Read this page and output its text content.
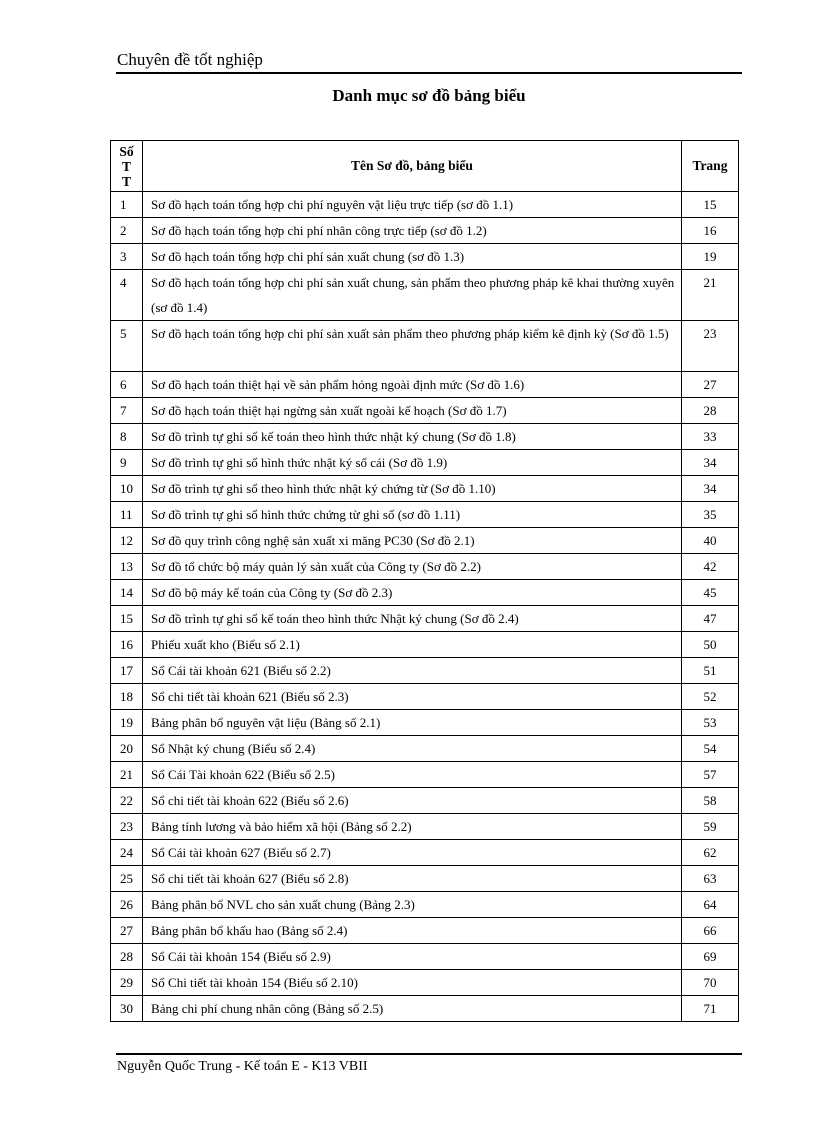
Chuyên đề tốt nghiệp
Danh mục sơ đồ bảng biểu
Số
T
T	Tên Sơ đồ, bảng biểu	Trang
1	Sơ đồ hạch toán tổng hợp chi phí nguyên vật liệu trực tiếp (sơ đồ 1.1)	15
2	Sơ đồ hạch toán tổng hợp chi phí nhân công trực tiếp (sơ đồ 1.2)	16
3	Sơ đồ hạch toán tổng hợp chi phí sản xuất chung (sơ đồ 1.3)	19
4	Sơ đồ hạch toán tổng hợp chi phí sản xuất chung, sản phẩm theo phương pháp kê khai thường xuyên (sơ đồ 1.4)	21
5	Sơ đồ hạch toán tổng hợp chi phí sản xuất sản phẩm theo phương pháp kiểm kê định kỳ (Sơ đồ 1.5)	23
6	Sơ đồ hạch toán thiệt hại về sản phẩm hỏng ngoài định mức (Sơ đồ 1.6)	27
7	Sơ đồ hạch toán thiệt hại ngừng sản xuất ngoài kế hoạch (Sơ đồ 1.7)	28
8	Sơ đồ trình tự ghi sổ kế toán theo hình thức nhật ký chung (Sơ đồ 1.8)	33
9	Sơ đồ trình tự ghi sổ hình thức nhật ký sổ cái (Sơ đồ 1.9)	34
10	Sơ đồ trình tự ghi sổ theo hình thức nhật ký chứng từ (Sơ đồ 1.10)	34
11	Sơ đồ trình tự ghi sổ hình thức chứng từ ghi sổ (sơ đồ 1.11)	35
12	Sơ đồ quy trình công nghệ sản xuất xi măng PC30 (Sơ đồ 2.1)	40
13	Sơ đồ tổ chức bộ máy quản lý sản xuất của Công ty (Sơ đồ 2.2)	42
14	Sơ đồ bộ máy kế toán của Công ty (Sơ đồ 2.3)	45
15	Sơ đồ trình tự ghi sổ kế toán theo hình thức Nhật ký chung (Sơ đồ 2.4)	47
16	Phiếu xuất kho (Biểu số 2.1)	50
17	Sổ Cái tài khoản 621 (Biểu số 2.2)	51
18	Sổ chi tiết tài khoản 621 (Biểu số 2.3)	52
19	Bảng phân bổ nguyên vật liệu (Bảng số 2.1)	53
20	Sổ Nhật ký chung (Biểu số 2.4)	54
21	Sổ Cái Tài khoản 622 (Biểu số 2.5)	57
22	Sổ chi tiết tài khoản 622 (Biểu số 2.6)	58
23	Bảng tính lương và bảo hiểm xã hội (Bảng số 2.2)	59
24	Sổ Cái tài khoản 627 (Biểu số 2.7)	62
25	Sổ chi tiết tài khoản 627 (Biểu số 2.8)	63
26	Bảng phân bổ NVL cho sản xuất chung (Bảng 2.3)	64
27	Bảng phân bổ khấu hao (Bảng số 2.4)	66
28	Sổ Cái tài khoản 154 (Biểu số 2.9)	69
29	Sổ Chi tiết tài khoản 154 (Biểu số 2.10)	70
30	Bảng chi phí chung nhân công (Bảng số 2.5)	71
Nguyễn Quốc Trung - Kế toán E - K13 VBII
